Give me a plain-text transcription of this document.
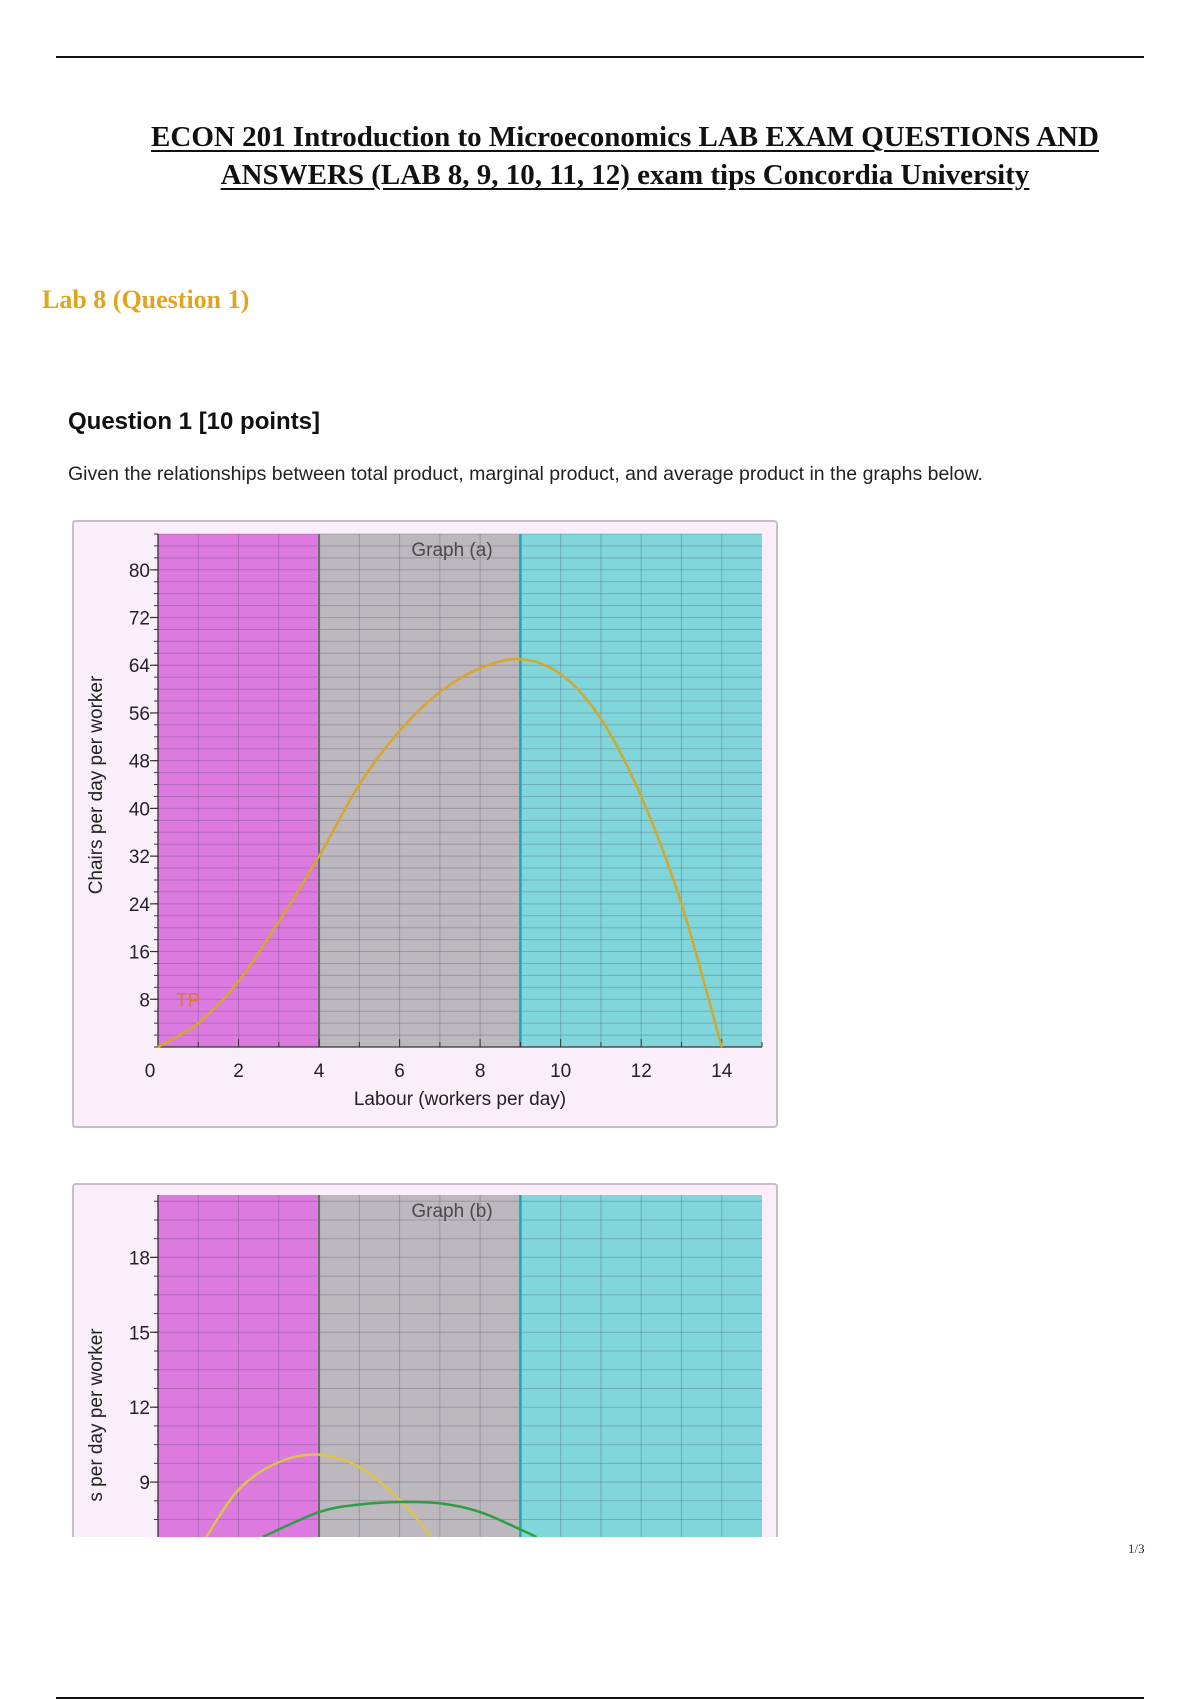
ECON 201 Introduction to Microeconomics LAB EXAM QUESTIONS AND
ANSWERS (LAB 8, 9, 10, 11, 12) exam tips Concordia University
Lab 8 (Question 1)
Question 1 [10 points]
Given the relationships between total product, marginal product, and average product in the graphs below.
8
16
24
32
40
48
56
64
72
80
0	2	4	6	8	10	12	14
Graph (a)
Labour (workers per day)
Chairs per day per worker
TP
9
12
15
18
Graph (b)
s per day per worker
1/3
